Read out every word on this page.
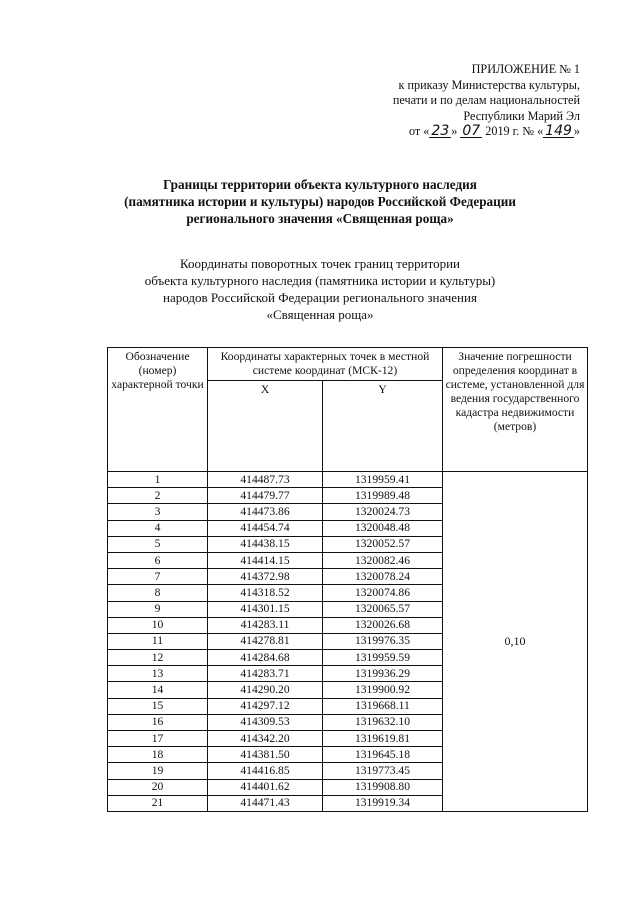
ПРИЛОЖЕНИЕ № 1
к приказу Министерства культуры,
печати и по делам национальностей
Республики Марий Эл
от « 23 » 07 2019 г. № « 149 »
Границы территории объекта культурного наследия
(памятника истории и культуры) народов Российской Федерации
регионального значения «Священная роща»
Координаты поворотных точек границ территории
объекта культурного наследия (памятника истории и культуры)
народов Российской Федерации регионального значения
«Священная роща»
Обозначение (номер) характерной точки	Координаты характерных точек в местной системе координат (МСК-12)		Значение погрешности определения координат в системе, установленной для ведения государственного кадастра недвижимости (метров)
	X	Y	
1	414487.73	1319959.41	0,10
2	414479.77	1319989.48	
3	414473.86	1320024.73	
4	414454.74	1320048.48	
5	414438.15	1320052.57	
6	414414.15	1320082.46	
7	414372.98	1320078.24	
8	414318.52	1320074.86	
9	414301.15	1320065.57	
10	414283.11	1320026.68	
11	414278.81	1319976.35	
12	414284.68	1319959.59	
13	414283.71	1319936.29	
14	414290.20	1319900.92	
15	414297.12	1319668.11	
16	414309.53	1319632.10	
17	414342.20	1319619.81	
18	414381.50	1319645.18	
19	414416.85	1319773.45	
20	414401.62	1319908.80	
21	414471.43	1319919.34	
